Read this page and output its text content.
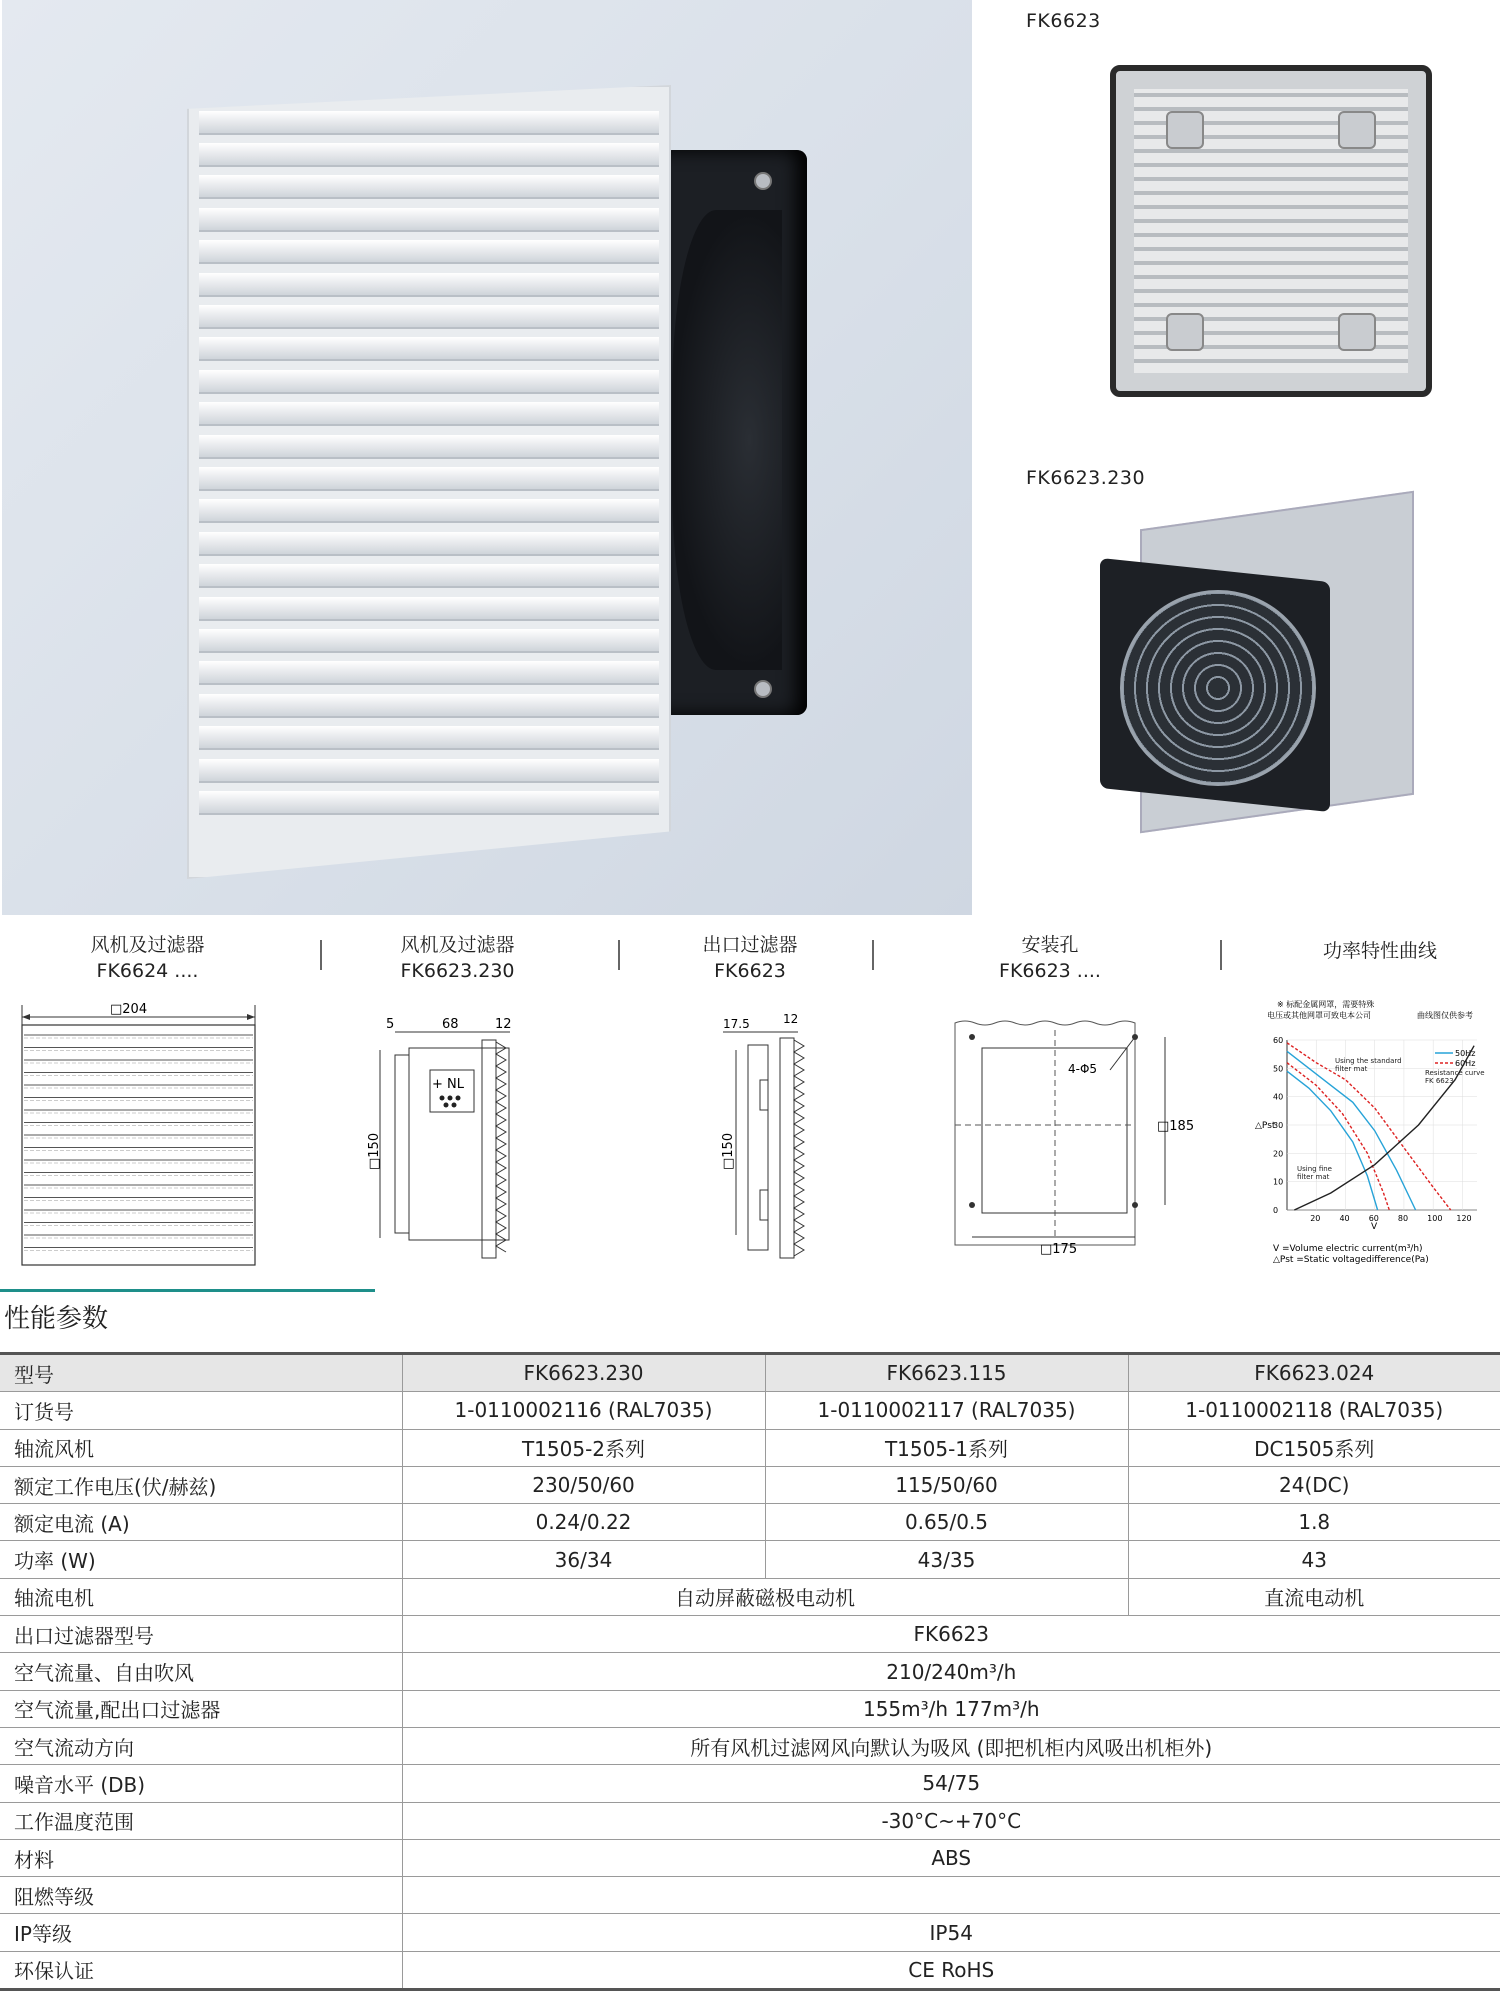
FK6623
FK6623.230
风机及过滤器
FK6624 ....
风机及过滤器
FK6623.230
出口过滤器
FK6623
安装孔
FK6623 ....
功率特性曲线
□204
5	68	12
□150
+ NL
17.5	12
□150
4-Φ5
□185
□175
※ 标配金属网罩，需要特殊
电压或其他网罩可致电本公司	曲线图仅供参考
60
50
40
30
20
10
0
20 40 60 80 100 120
△Pst
V
50Hz
60Hz
Using the standard filter mat	Resistance curve FK 6623
Using fine filter mat
V =Volume electric current(m³/h)
△Pst =Static voltagedifference(Pa)
性能参数
型号	FK6623.230	FK6623.115	FK6623.024
订货号	1-0110002116 (RAL7035)	1-0110002117 (RAL7035)	1-0110002118 (RAL7035)
轴流风机	T1505-2系列	T1505-1系列	DC1505系列
额定工作电压(伏/赫兹)	230/50/60	115/50/60	24(DC)
额定电流 (A)	0.24/0.22	0.65/0.5	1.8
功率 (W)	36/34	43/35	43
轴流电机	自动屏蔽磁极电动机		直流电动机
出口过滤器型号	FK6623		
空气流量、自由吹风	210/240m³/h		
空气流量,配出口过滤器	155m³/h 177m³/h		
空气流动方向	所有风机过滤网风向默认为吸风 (即把机柜内风吸出机柜外)		
噪音水平 (DB)	54/75		
工作温度范围	-30°C~+70°C		
材料	ABS		
阻燃等级			
IP等级	IP54		
环保认证	CE RoHS		
